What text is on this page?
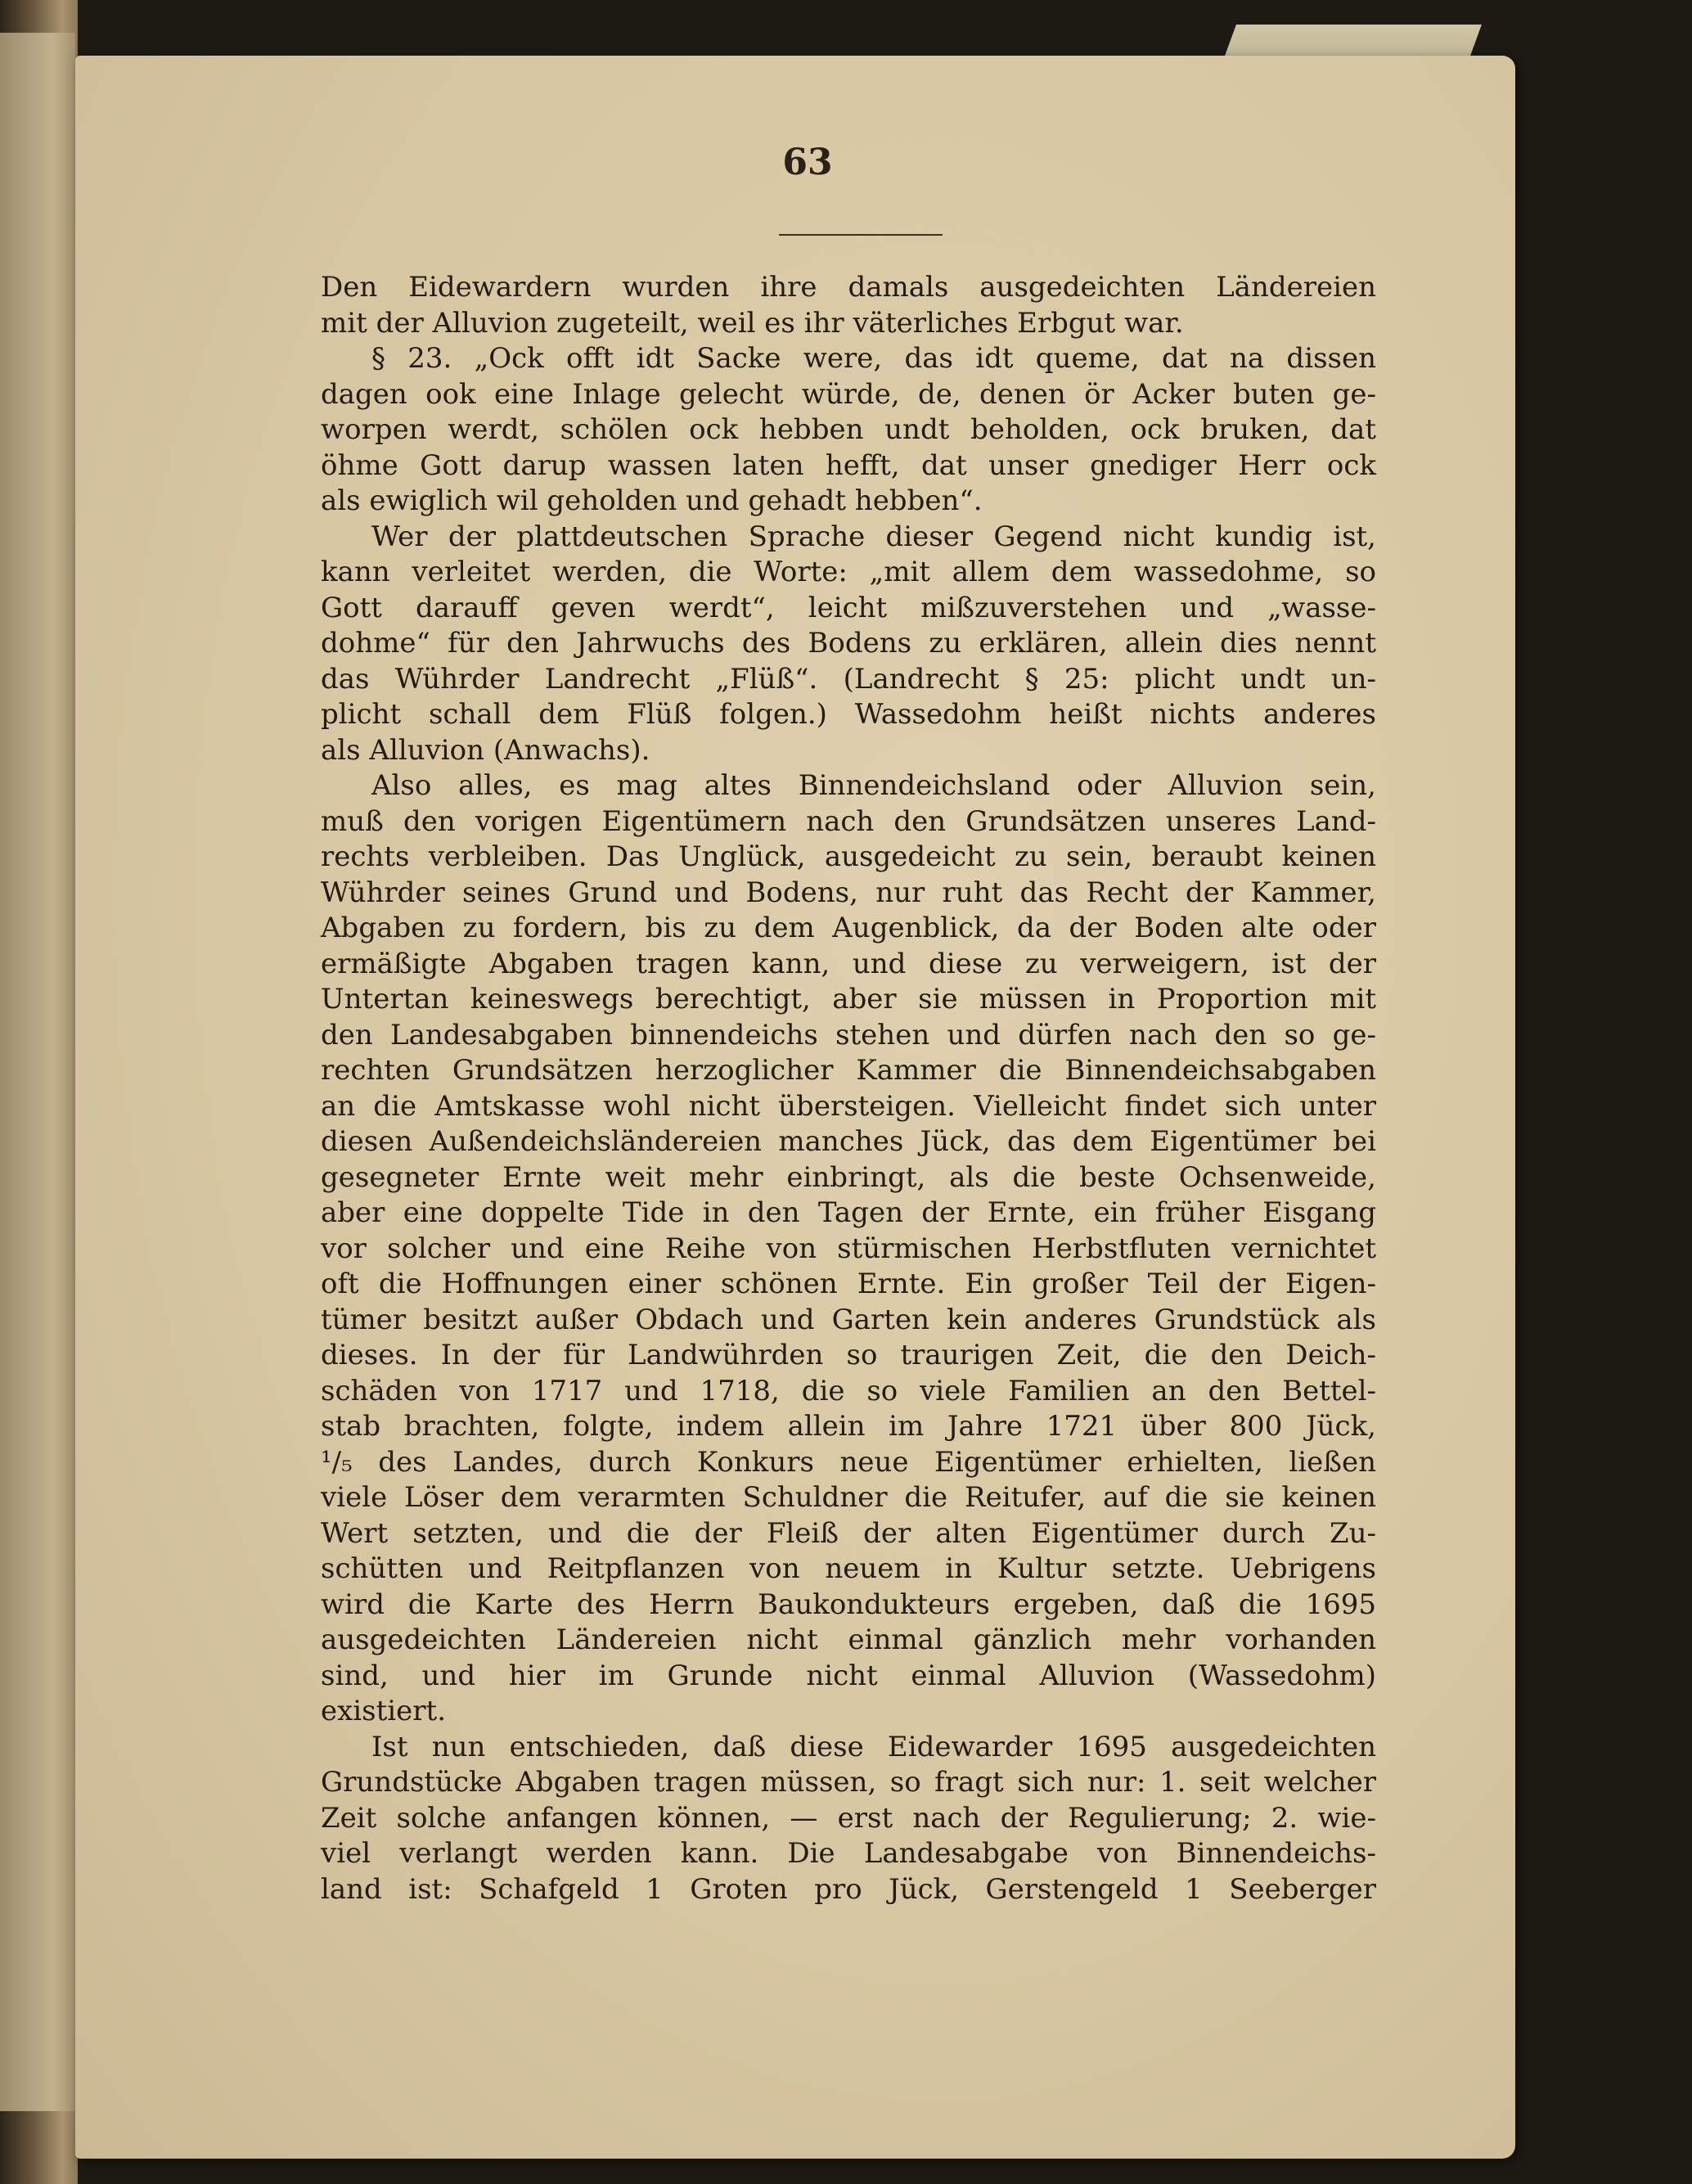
63
Den Eidewardern wurden ihre damals ausgedeichten Ländereien
mit der Alluvion zugeteilt, weil es ihr väterliches Erbgut war.
§ 23. „Ock offt idt Sacke were, das idt queme, dat na dissen
dagen ook eine Inlage gelecht würde, de, denen ör Acker buten ge-
worpen werdt, schölen ock hebben undt beholden, ock bruken, dat
öhme Gott darup wassen laten hefft, dat unser gnediger Herr ock
als ewiglich wil geholden und gehadt hebben“.
Wer der plattdeutschen Sprache dieser Gegend nicht kundig ist,
kann verleitet werden, die Worte: „mit allem dem wassedohme, so
Gott darauff geven werdt“, leicht mißzuverstehen und „wasse-
dohme“ für den Jahrwuchs des Bodens zu erklären, allein dies nennt
das Wührder Landrecht „Flüß“. (Landrecht § 25: plicht undt un-
plicht schall dem Flüß folgen.) Wassedohm heißt nichts anderes
als Alluvion (Anwachs).
Also alles, es mag altes Binnendeichsland oder Alluvion sein,
muß den vorigen Eigentümern nach den Grundsätzen unseres Land-
rechts verbleiben. Das Unglück, ausgedeicht zu sein, beraubt keinen
Wührder seines Grund und Bodens, nur ruht das Recht der Kammer,
Abgaben zu fordern, bis zu dem Augenblick, da der Boden alte oder
ermäßigte Abgaben tragen kann, und diese zu verweigern, ist der
Untertan keineswegs berechtigt, aber sie müssen in Proportion mit
den Landesabgaben binnendeichs stehen und dürfen nach den so ge-
rechten Grundsätzen herzoglicher Kammer die Binnendeichsabgaben
an die Amtskasse wohl nicht übersteigen. Vielleicht findet sich unter
diesen Außendeichsländereien manches Jück, das dem Eigentümer bei
gesegneter Ernte weit mehr einbringt, als die beste Ochsenweide,
aber eine doppelte Tide in den Tagen der Ernte, ein früher Eisgang
vor solcher und eine Reihe von stürmischen Herbstfluten vernichtet
oft die Hoffnungen einer schönen Ernte. Ein großer Teil der Eigen-
tümer besitzt außer Obdach und Garten kein anderes Grundstück als
dieses. In der für Landwührden so traurigen Zeit, die den Deich-
schäden von 1717 und 1718, die so viele Familien an den Bettel-
stab brachten, folgte, indem allein im Jahre 1721 über 800 Jück,
¹/₅ des Landes, durch Konkurs neue Eigentümer erhielten, ließen
viele Löser dem verarmten Schuldner die Reitufer, auf die sie keinen
Wert setzten, und die der Fleiß der alten Eigentümer durch Zu-
schütten und Reitpflanzen von neuem in Kultur setzte. Uebrigens
wird die Karte des Herrn Baukondukteurs ergeben, daß die 1695
ausgedeichten Ländereien nicht einmal gänzlich mehr vorhanden
sind, und hier im Grunde nicht einmal Alluvion (Wassedohm)
existiert.
Ist nun entschieden, daß diese Eidewarder 1695 ausgedeichten
Grundstücke Abgaben tragen müssen, so fragt sich nur: 1. seit welcher
Zeit solche anfangen können, — erst nach der Regulierung; 2. wie-
viel verlangt werden kann. Die Landesabgabe von Binnendeichs-
land ist: Schafgeld 1 Groten pro Jück, Gerstengeld 1 Seeberger
